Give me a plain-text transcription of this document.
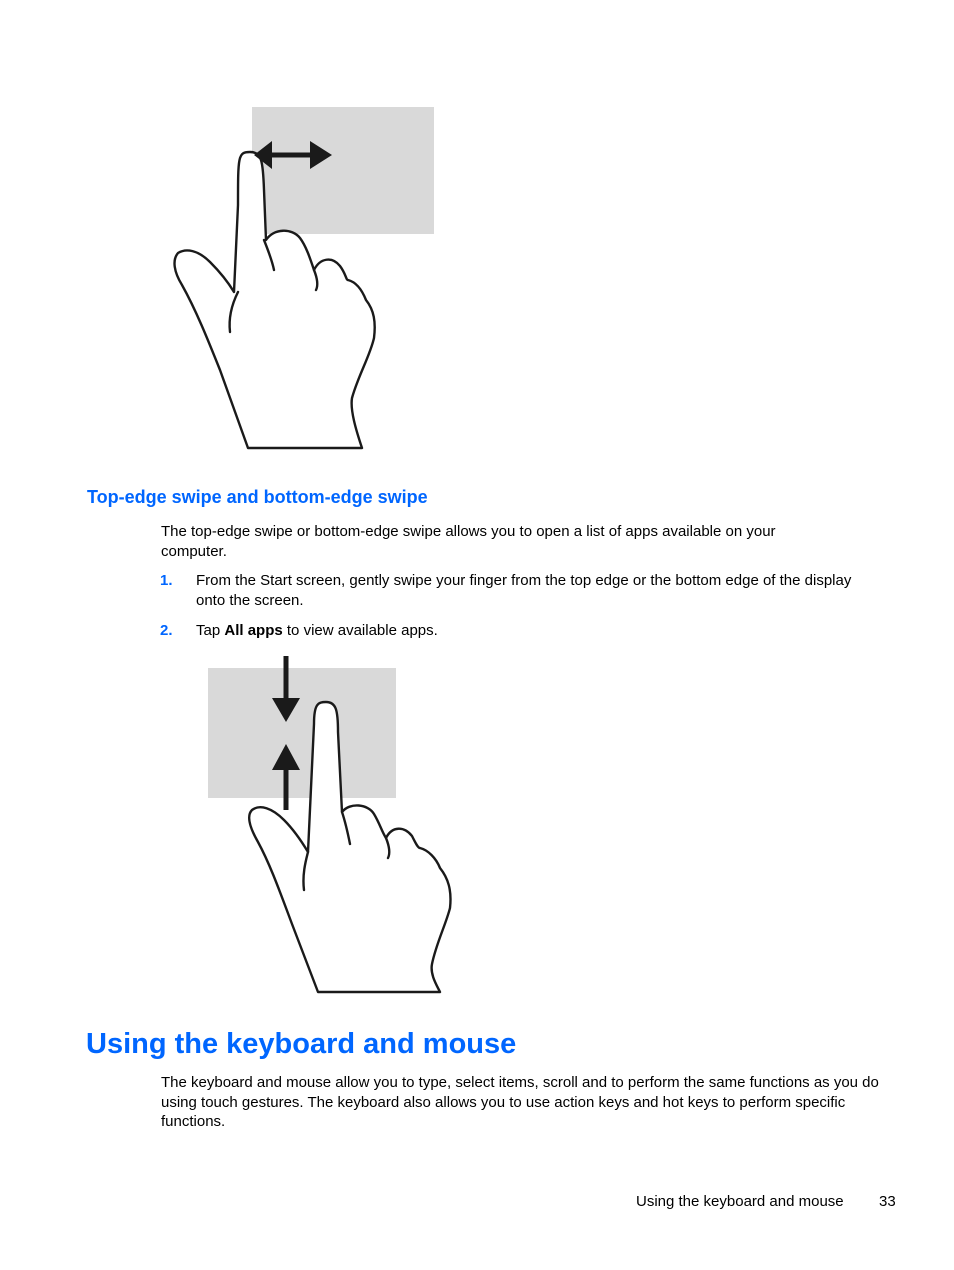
Top-edge swipe and bottom-edge swipe

The top-edge swipe or bottom-edge swipe allows you to open a list of apps available on your computer.

1. From the Start screen, gently swipe your finger from the top edge or the bottom edge of the display onto the screen.
2. Tap All apps to view available apps.
Using the keyboard and mouse

The keyboard and mouse allow you to type, select items, scroll and to perform the same functions as you do using touch gestures. The keyboard also allows you to use action keys and hot keys to perform specific functions.

Using the keyboard and mouse 33
